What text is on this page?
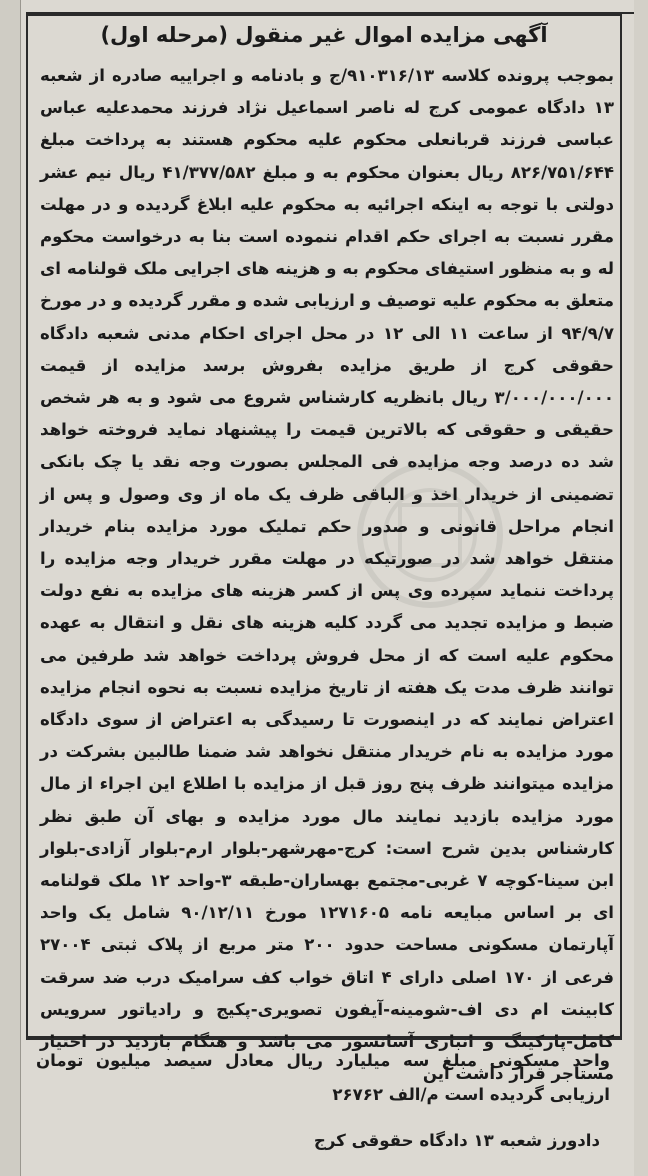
آگهی مزایده اموال غیر منقول (مرحله اول)

بموجب پرونده کلاسه ۹۱۰۳۱۶/۱۳/ج و بادنامه و اجراییه صادره از شعبه ۱۳ دادگاه عمومی کرج له ناصر اسماعیل نژاد فرزند محمدعلیه عباس عباسی فرزند قربانعلی محکوم علیه محکوم هستند به پرداخت مبلغ ۸۲۶/۷۵۱/۶۴۴ ریال بعنوان محکوم به و مبلغ ۴۱/۳۷۷/۵۸۲ ریال نیم عشر دولتی با توجه به اینکه اجرائیه به محکوم علیه ابلاغ گردیده و در مهلت مقرر نسبت به اجرای حکم اقدام ننموده است بنا به درخواست محکوم له و به منظور استیفای محکوم به و هزینه های اجرایی ملک قولنامه ای متعلق به محکوم علیه توصیف و ارزیابی شده و مقرر گردیده و در مورخ ۹۴/۹/۷ از ساعت ۱۱ الی ۱۲ در محل اجرای احکام مدنی شعبه دادگاه حقوقی کرج از طریق مزایده بفروش برسد مزایده از قیمت ۳/۰۰۰/۰۰۰/۰۰۰ ریال بانظریه کارشناس شروع می شود و به هر شخص حقیقی و حقوقی که بالاترین قیمت را پیشنهاد نماید فروخته خواهد شد ده درصد وجه مزایده فی المجلس بصورت وجه نقد یا چک بانکی تضمینی از خریدار اخذ و الباقی ظرف یک ماه از وی وصول و پس از انجام مراحل قانونی و صدور حکم تملیک مورد مزایده بنام خریدار منتقل خواهد شد در صورتیکه در مهلت مقرر خریدار وجه مزایده را پرداخت ننماید سپرده وی پس از کسر هزینه های مزایده به نفع دولت ضبط و مزایده تجدید می گردد کلیه هزینه های نقل و انتقال به عهده محکوم علیه است که از محل فروش پرداخت خواهد شد طرفین می توانند ظرف مدت یک هفته از تاریخ مزایده نسبت به نحوه انجام مزایده اعتراض نمایند که در اینصورت تا رسیدگی به اعتراض از سوی دادگاه مورد مزایده به نام خریدار منتقل نخواهد شد ضمنا طالبین بشرکت در مزایده میتوانند ظرف پنج روز قبل از مزایده با اطلاع این اجراء از مال مورد مزایده بازدید نمایند مال مورد مزایده و بهای آن طبق نظر کارشناس بدین شرح است: کرج-مهرشهر-بلوار ارم-بلوار آزادی-بلوار ابن سینا-کوچه ۷ غربی-مجتمع بهساران-طبقه ۳-واحد ۱۲ ملک قولنامه ای بر اساس مبایعه نامه ۱۲۷۱۶۰۵ مورخ ۹۰/۱۲/۱۱ شامل یک واحد آپارتمان مسکونی مساحت حدود ۲۰۰ متر مربع از پلاک ثبتی ۲۷۰۰۴ فرعی از ۱۷۰ اصلی دارای ۴ اتاق خواب کف سرامیک درب ضد سرقت کابینت ام دی اف-شومینه-آیفون تصویری-پکیج و رادیاتور سرویس کامل-پارکینگ و انباری آسانسور می باشد و هنگام بازدید در اختیار مستاجر قرار داشت این

واحد مسکونی مبلغ سه میلیارد ریال معادل سیصد میلیون تومان ارزیابی گردیده است م/الف ۲۶۷۶۲

دادورز شعبه ۱۳ دادگاه حقوقی کرج
